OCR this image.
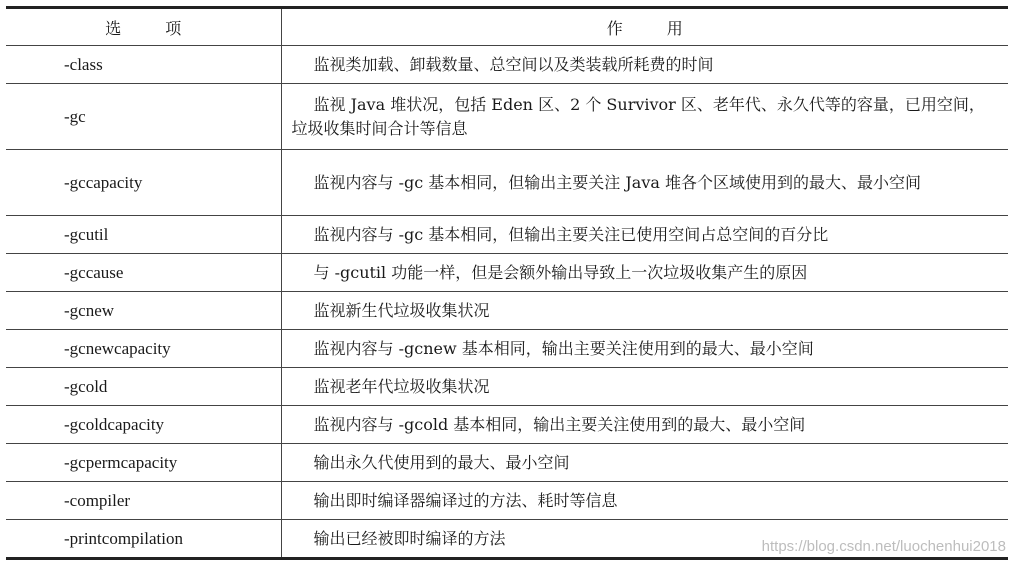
选 项	作 用
-class	监视类加载、卸载数量、总空间以及类装载所耗费的时间
-gc	监视 Java 堆状况，包括 Eden 区、2 个 Survivor 区、老年代、永久代等的容量，已用空间，垃圾收集时间合计等信息
-gccapacity	监视内容与 -gc 基本相同，但输出主要关注 Java 堆各个区域使用到的最大、最小空间
-gcutil	监视内容与 -gc 基本相同，但输出主要关注已使用空间占总空间的百分比
-gccause	与 -gcutil 功能一样，但是会额外输出导致上一次垃圾收集产生的原因
-gcnew	监视新生代垃圾收集状况
-gcnewcapacity	监视内容与 -gcnew 基本相同，输出主要关注使用到的最大、最小空间
-gcold	监视老年代垃圾收集状况
-gcoldcapacity	监视内容与 -gcold 基本相同，输出主要关注使用到的最大、最小空间
-gcpermcapacity	输出永久代使用到的最大、最小空间
-compiler	输出即时编译器编译过的方法、耗时等信息
-printcompilation	输出已经被即时编译的方法	https://blog.csdn.net/luochenhui2018
